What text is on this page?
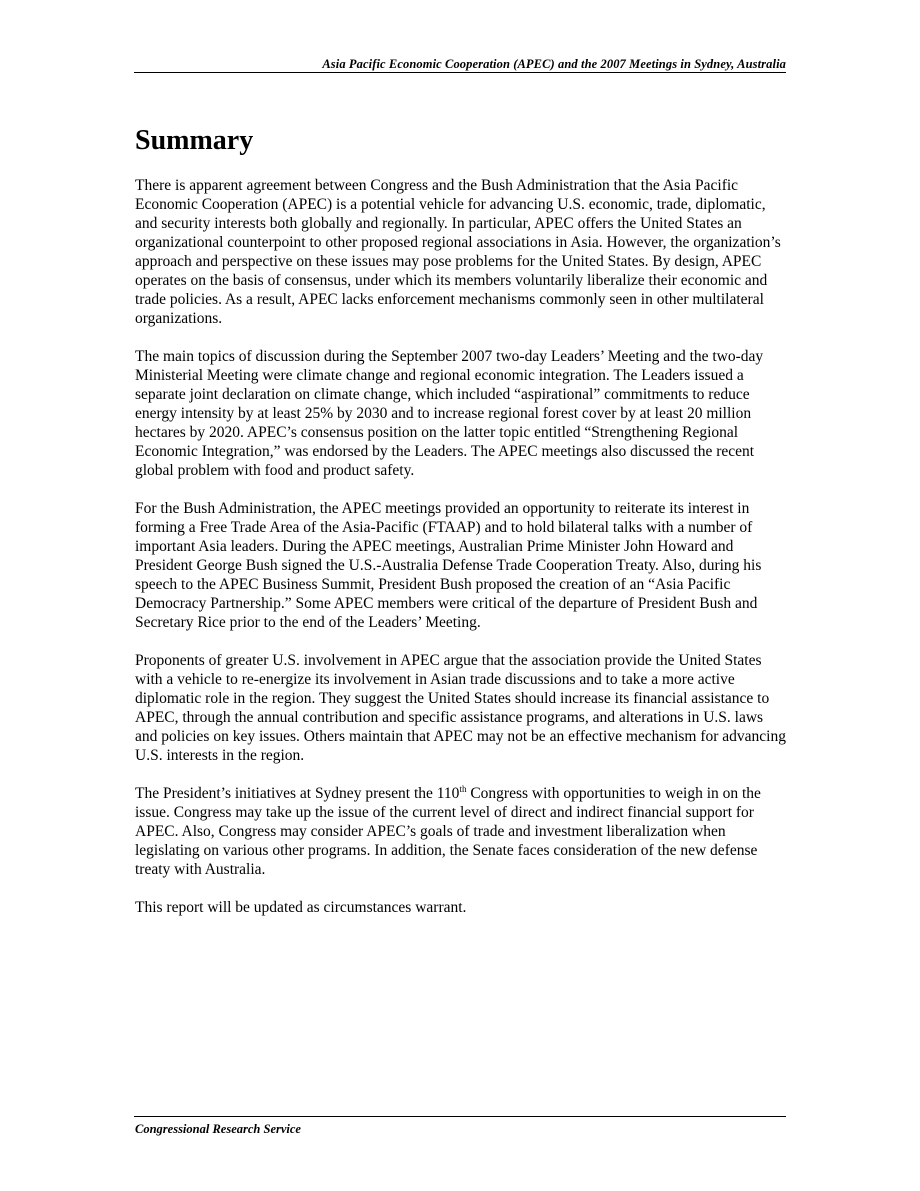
Asia Pacific Economic Cooperation (APEC) and the 2007 Meetings in Sydney, Australia
Summary

There is apparent agreement between Congress and the Bush Administration that the Asia Pacific Economic Cooperation (APEC) is a potential vehicle for advancing U.S. economic, trade, diplomatic, and security interests both globally and regionally. In particular, APEC offers the United States an organizational counterpoint to other proposed regional associations in Asia. However, the organization’s approach and perspective on these issues may pose problems for the United States. By design, APEC operates on the basis of consensus, under which its members voluntarily liberalize their economic and trade policies. As a result, APEC lacks enforcement mechanisms commonly seen in other multilateral organizations.

The main topics of discussion during the September 2007 two-day Leaders’ Meeting and the two-day Ministerial Meeting were climate change and regional economic integration. The Leaders issued a separate joint declaration on climate change, which included “aspirational” commitments to reduce energy intensity by at least 25% by 2030 and to increase regional forest cover by at least 20 million hectares by 2020. APEC’s consensus position on the latter topic entitled “Strengthening Regional Economic Integration,” was endorsed by the Leaders. The APEC meetings also discussed the recent global problem with food and product safety.

For the Bush Administration, the APEC meetings provided an opportunity to reiterate its interest in forming a Free Trade Area of the Asia-Pacific (FTAAP) and to hold bilateral talks with a number of important Asia leaders. During the APEC meetings, Australian Prime Minister John Howard and President George Bush signed the U.S.-Australia Defense Trade Cooperation Treaty. Also, during his speech to the APEC Business Summit, President Bush proposed the creation of an “Asia Pacific Democracy Partnership.” Some APEC members were critical of the departure of President Bush and Secretary Rice prior to the end of the Leaders’ Meeting.

Proponents of greater U.S. involvement in APEC argue that the association provide the United States with a vehicle to re-energize its involvement in Asian trade discussions and to take a more active diplomatic role in the region. They suggest the United States should increase its financial assistance to APEC, through the annual contribution and specific assistance programs, and alterations in U.S. laws and policies on key issues. Others maintain that APEC may not be an effective mechanism for advancing U.S. interests in the region.

The President’s initiatives at Sydney present the 110th Congress with opportunities to weigh in on the issue. Congress may take up the issue of the current level of direct and indirect financial support for APEC. Also, Congress may consider APEC’s goals of trade and investment liberalization when legislating on various other programs. In addition, the Senate faces consideration of the new defense treaty with Australia.

This report will be updated as circumstances warrant.

Congressional Research Service
